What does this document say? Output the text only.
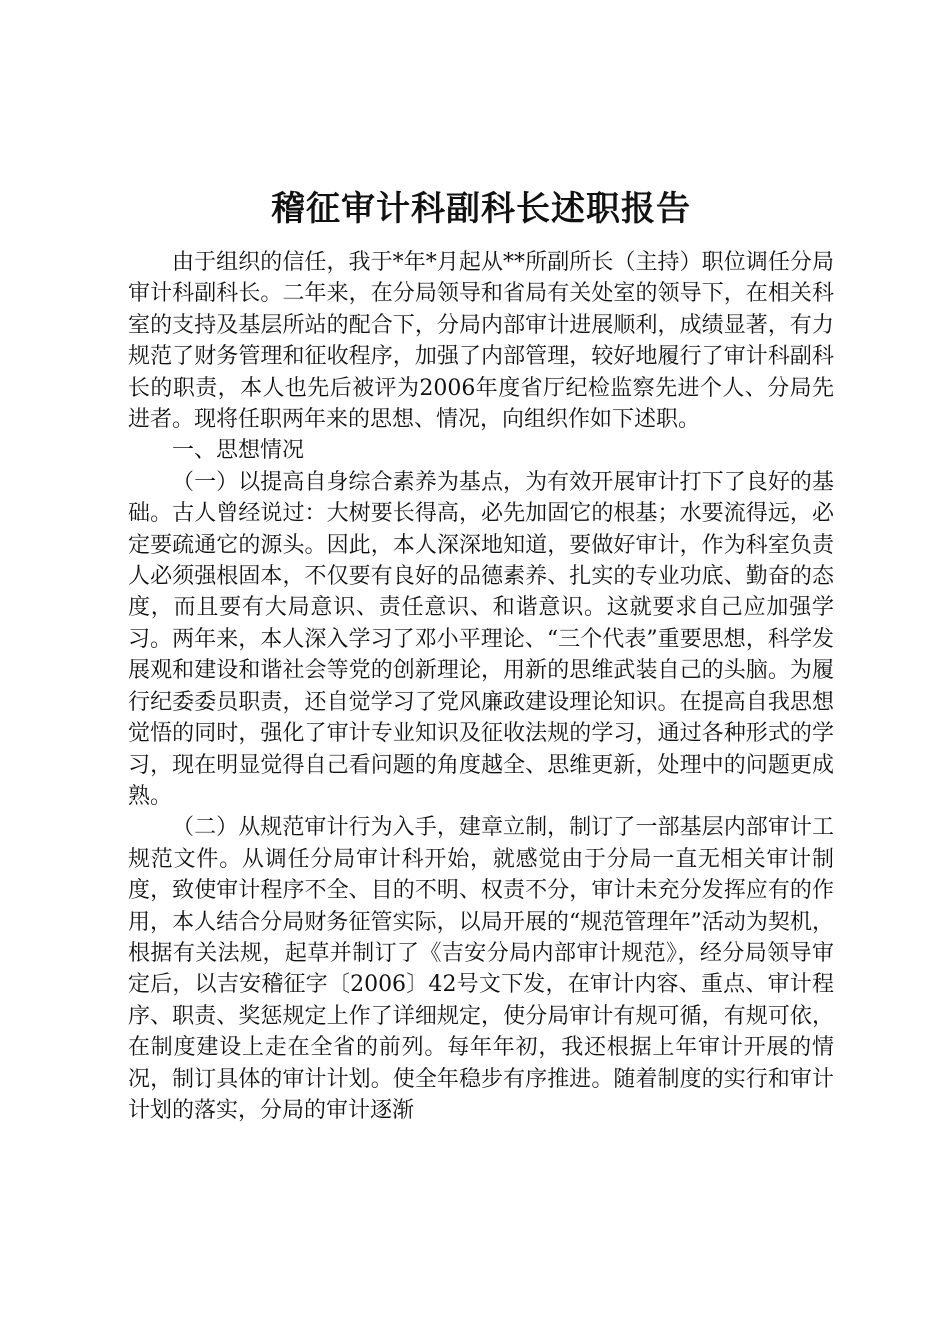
稽征审计科副科长述职报告

由于组织的信任，我于*年*月起从**所副所长（主持）职位调任分局审计科副科长。二年来，在分局领导和省局有关处室的领导下，在相关科室的支持及基层所站的配合下，分局内部审计进展顺利，成绩显著，有力规范了财务管理和征收程序，加强了内部管理，较好地履行了审计科副科长的职责，本人也先后被评为2006年度省厅纪检监察先进个人、分局先进者。现将任职两年来的思想、情况，向组织作如下述职。

一、思想情况

（一）以提高自身综合素养为基点，为有效开展审计打下了良好的基础。古人曾经说过：大树要长得高，必先加固它的根基；水要流得远，必定要疏通它的源头。因此，本人深深地知道，要做好审计，作为科室负责人必须强根固本，不仅要有良好的品德素养、扎实的专业功底、勤奋的态度，而且要有大局意识、责任意识、和谐意识。这就要求自己应加强学习。两年来，本人深入学习了邓小平理论、“三个代表”重要思想，科学发展观和建设和谐社会等党的创新理论，用新的思维武装自己的头脑。为履行纪委委员职责，还自觉学习了党风廉政建设理论知识。在提高自我思想觉悟的同时，强化了审计专业知识及征收法规的学习，通过各种形式的学习，现在明显觉得自己看问题的角度越全、思维更新，处理中的问题更成熟。

（二）从规范审计行为入手，建章立制，制订了一部基层内部审计工规范文件。从调任分局审计科开始，就感觉由于分局一直无相关审计制度，致使审计程序不全、目的不明、权责不分，审计未充分发挥应有的作用，本人结合分局财务征管实际，以局开展的“规范管理年”活动为契机，根据有关法规，起草并制订了《吉安分局内部审计规范》，经分局领导审定后，以吉安稽征字〔2006〕42号文下发，在审计内容、重点、审计程序、职责、奖惩规定上作了详细规定，使分局审计有规可循，有规可依，在制度建设上走在全省的前列。每年年初，我还根据上年审计开展的情况，制订具体的审计计划。使全年稳步有序推进。随着制度的实行和审计计划的落实，分局的审计逐渐
